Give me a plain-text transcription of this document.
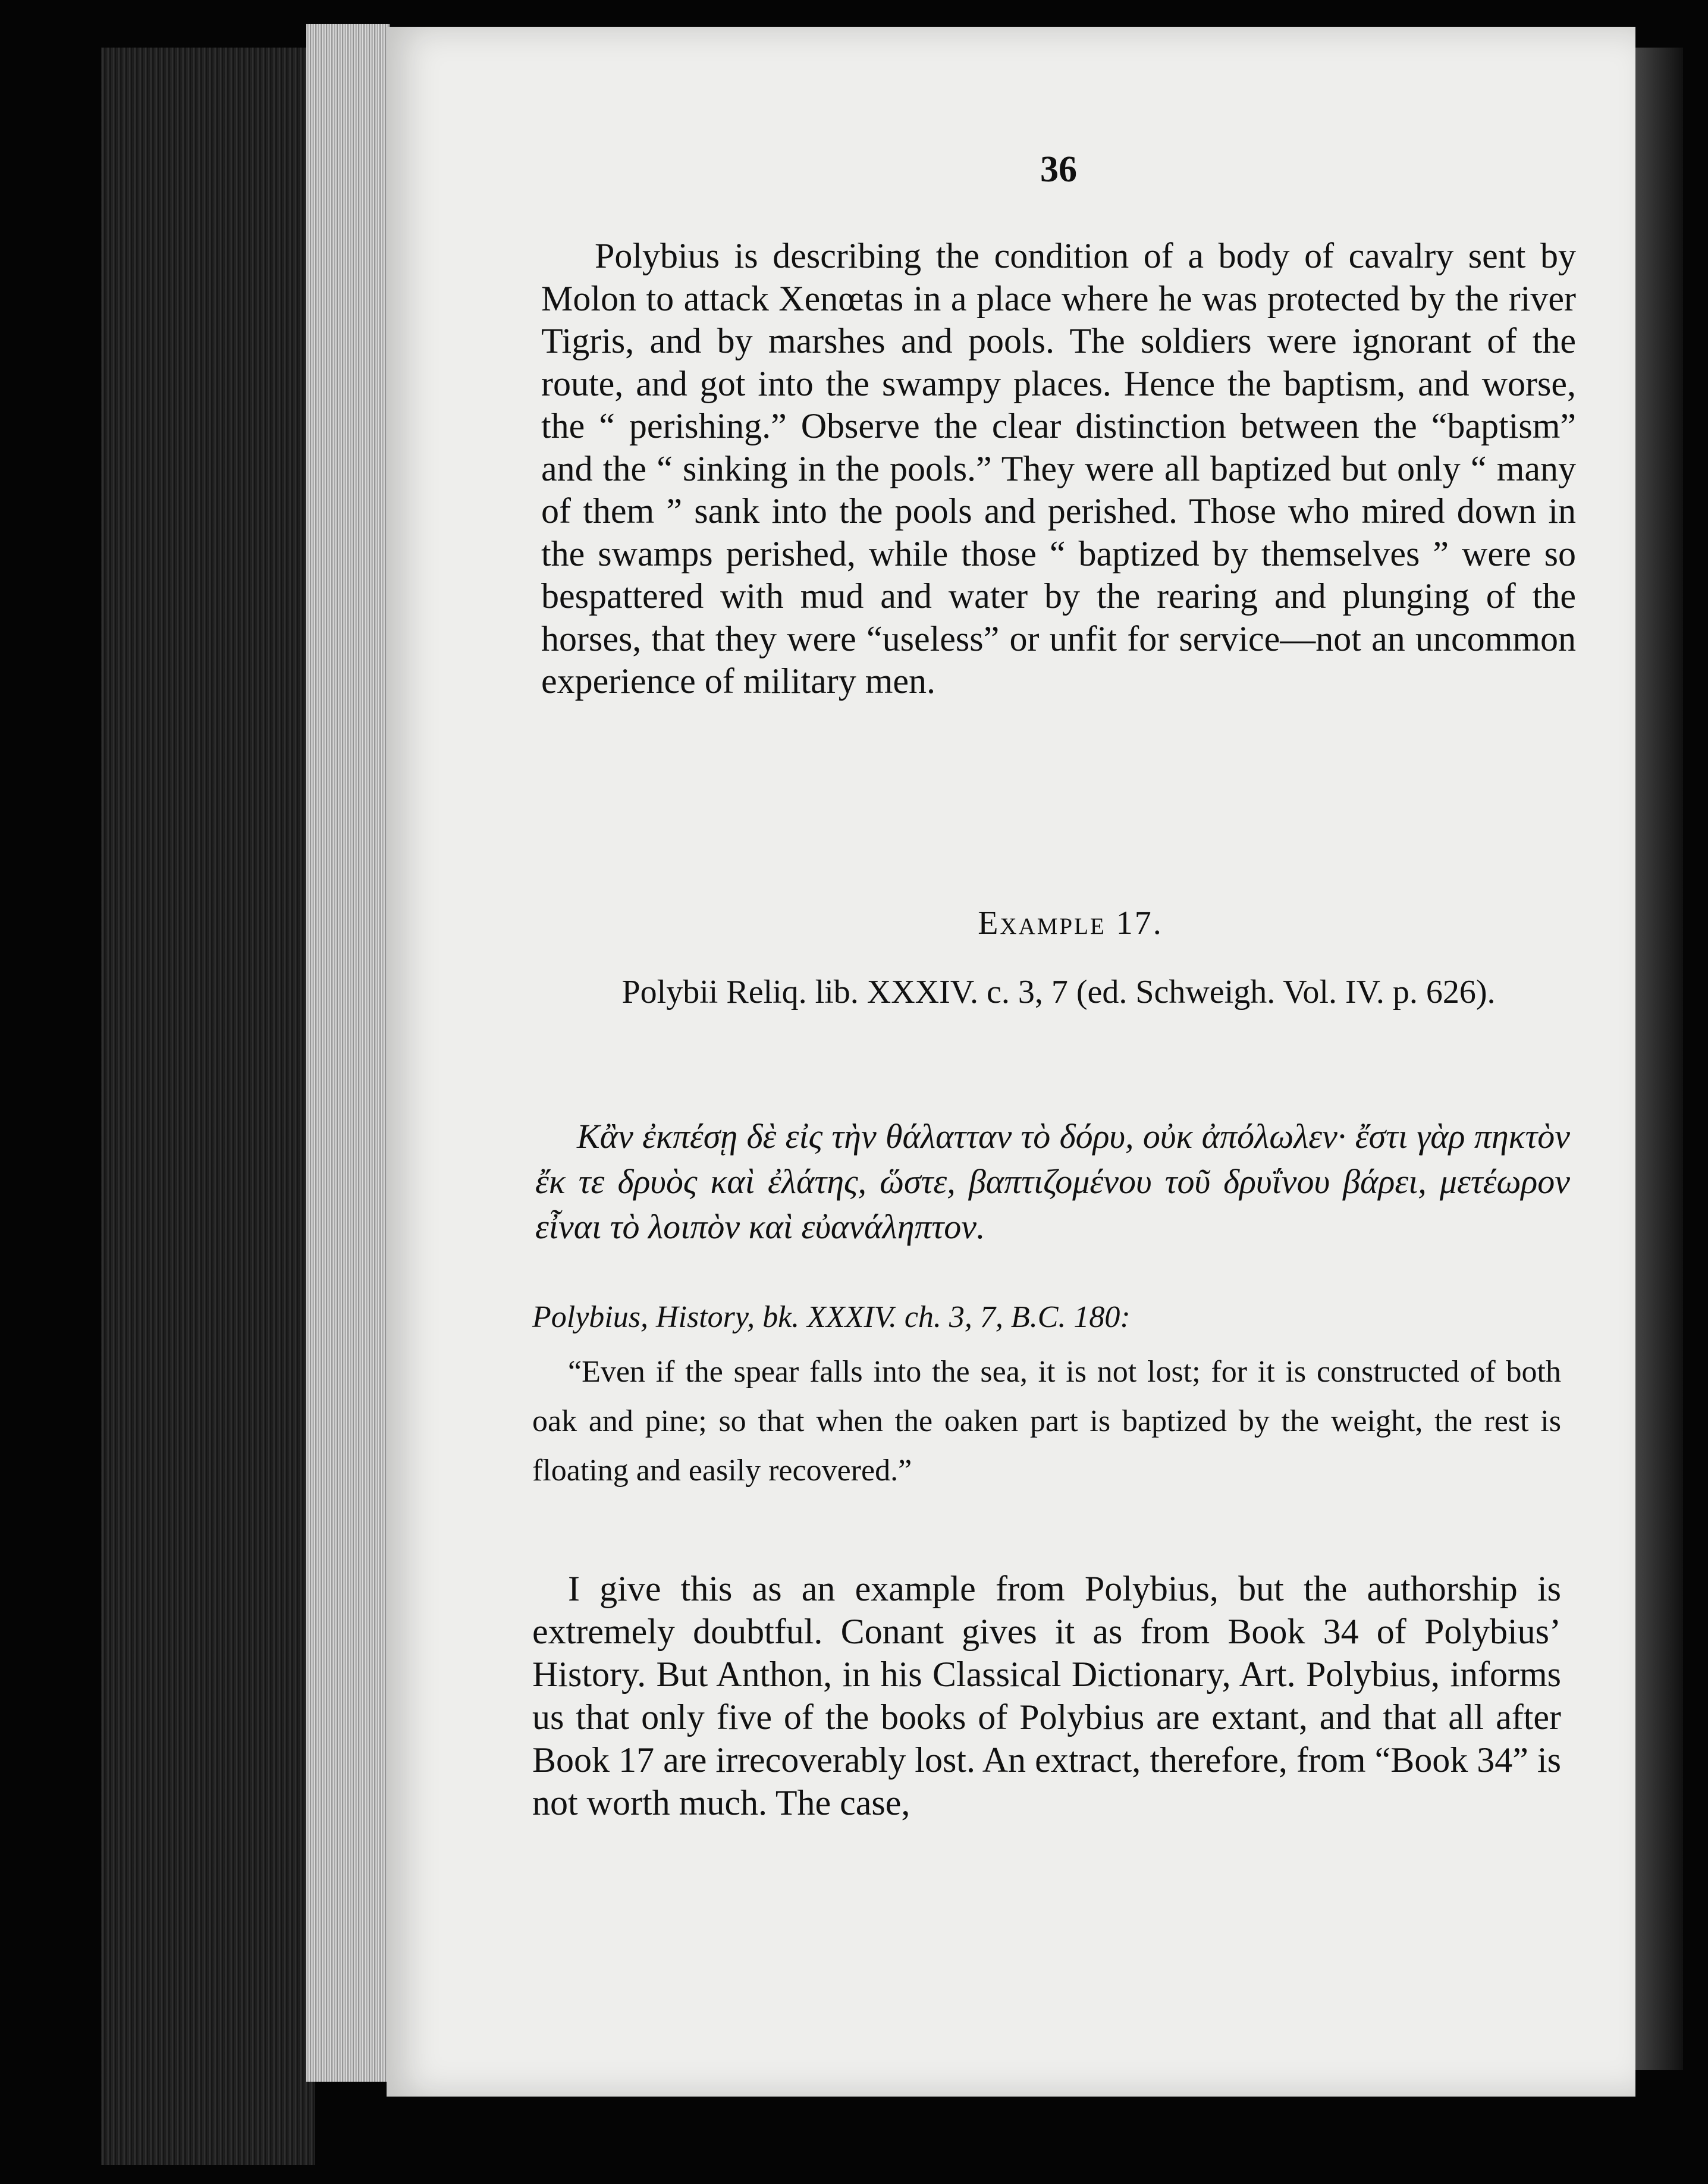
36

Polybius is describing the condition of a body of cavalry sent by Molon to attack Xenœtas in a place where he was protected by the river Tigris, and by marshes and pools. The soldiers were ignorant of the route, and got into the swampy places. Hence the baptism, and worse, the “ perishing.” Observe the clear distinction between the “baptism” and the “ sinking in the pools.” They were all baptized but only “ many of them ” sank into the pools and perished. Those who mired down in the swamps perished, while those “ baptized by themselves ” were so bespattered with mud and water by the rearing and plunging of the horses, that they were “useless” or unfit for service—not an uncommon experience of military men.

Example 17.
Polybii Reliq. lib. XXXIV. c. 3, 7 (ed. Schweigh. Vol. IV. p. 626).

Κἂν ἐκπέσῃ δὲ εἰς τὴν θάλατταν τὸ δόρυ, οὐκ ἀπόλωλεν· ἔστι γὰρ πηκτὸν ἔκ τε δρυὸς καὶ ἐλάτης, ὥστε, βαπτιζομένου τοῦ δρυΐνου βάρει, μετέωρον εἶναι τὸ λοιπὸν καὶ εὐανάληπτον.

Polybius, History, bk. XXXIV. ch. 3, 7, B.C. 180:

“Even if the spear falls into the sea, it is not lost; for it is constructed of both oak and pine; so that when the oaken part is baptized by the weight, the rest is floating and easily recovered.”

I give this as an example from Polybius, but the authorship is extremely doubtful. Conant gives it as from Book 34 of Polybius’ History. But Anthon, in his Classical Dictionary, Art. Polybius, informs us that only five of the books of Polybius are extant, and that all after Book 17 are irrecoverably lost. An extract, therefore, from “Book 34” is not worth much. The case,
